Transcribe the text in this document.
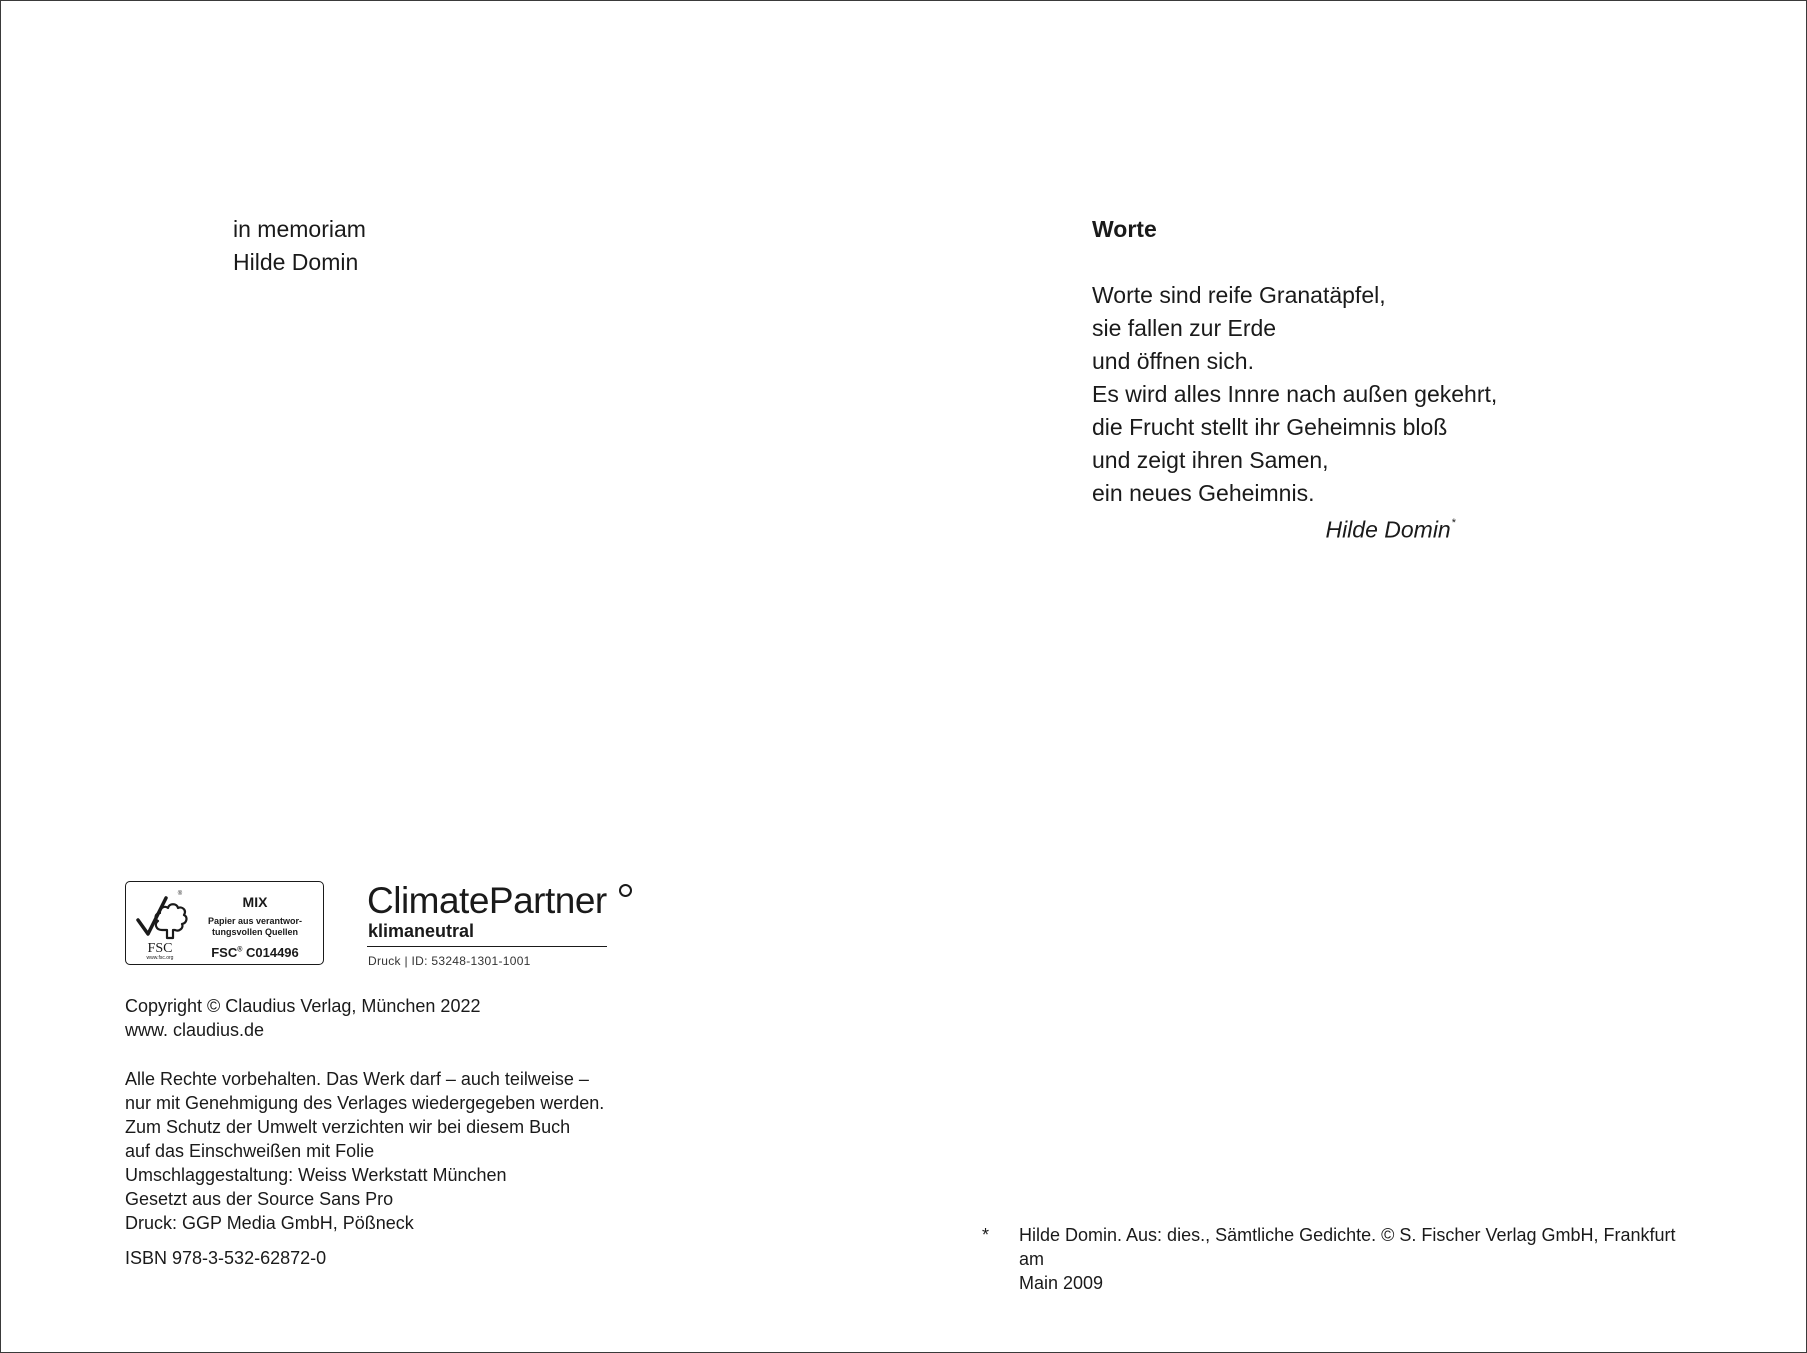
in memoriam
Hilde Domin
Worte
Worte sind reife Granatäpfel,
sie fallen zur Erde
und öffnen sich.
Es wird alles Innre nach außen gekehrt,
die Frucht stellt ihr Geheimnis bloß
und zeigt ihren Samen,
ein neues Geheimnis.
Hilde Domin*
FSC
www.fsc.org
®	MIX
Papier aus verantwor-
tungsvollen Quellen
FSC® C014496
ClimatePartner
klimaneutral
Druck | ID: 53248-1301-1001
Copyright © Claudius Verlag, München 2022
www. claudius.de
Alle Rechte vorbehalten. Das Werk darf – auch teilweise –
nur mit Genehmigung des Verlages wiedergegeben werden.
Zum Schutz der Umwelt verzichten wir bei diesem Buch
auf das Einschweißen mit Folie
Umschlaggestaltung: Weiss Werkstatt München
Gesetzt aus der Source Sans Pro
Druck: GGP Media GmbH, Pößneck
ISBN 978-3-532-62872-0
* Hilde Domin. Aus: dies., Sämtliche Gedichte. © S. Fischer Verlag GmbH, Frankfurt am
Main 2009
